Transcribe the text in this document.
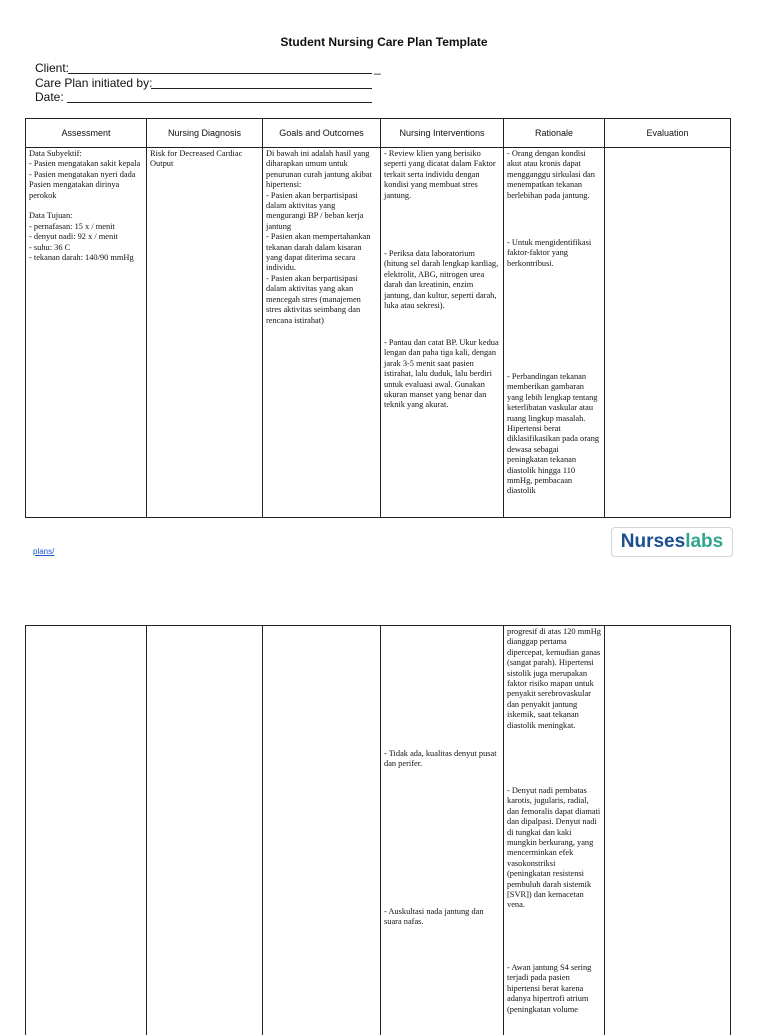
Student Nursing Care Plan Template
Client:	_
Care Plan initiated by:
Date:
Assessment
Data Subyektif:
- Pasien mengatakan sakit kepala
- Pasien mengatakan nyeri dada
Pasien mengatakan dirinya perokok

Data Tujuan:
- pernafasan: 15 x / menit
- denyut nadi: 92 x / menit
- suhu: 36 C
- tekanan darah: 140/90 mmHg
Nursing Diagnosis
Risk for Decreased Cardiac Output
Goals and Outcomes
Di bawah ini adalah hasil yang diharapkan umum untuk penurunan curah jantung akibat hipertensi:
- Pasien akan berpartisipasi dalam aktivitas yang mengurangi BP / beban kerja jantung
- Pasien akan mempertahankan tekanan darah dalam kisaran yang dapat diterima secara individu.
- Pasien akan berpartisipasi dalam aktivitas yang akan mencegah stres (manajemen stres aktivitas seimbang dan rencana istirahat)
Nursing Interventions
- Review klien yang berisiko seperti yang dicatat dalam Faktor terkait serta individu dengan kondisi yang membuat stres jantung.
- Periksa data laboratorium (hitung sel darah lengkap kardiag, elektrolit, ABG, nitrogen urea darah dan kreatinin, enzim jantung, dan kultur, seperti darah, luka atau sekresi).
- Pantau dan catat BP. Ukur kedua lengan dan paha tiga kali, dengan jarak 3-5 menit saat pasien istirahat, lalu duduk, lalu berdiri untuk evaluasi awal. Gunakan ukuran manset yang benar dan teknik yang akurat.
Rationale
- Orang dengan kondisi akut atau kronis dapat mengganggu sirkulasi dan menempatkan tekanan berlebihan pada jantung.
- Untuk mengidentifikasi faktor-faktor yang berkontribusi.
- Perbandingan tekanan memberikan gambaran yang lebih lengkap tentang keterlibatan vaskular atau ruang lingkup masalah. Hipertensi berat diklasifikasikan pada orang dewasa sebagai peningkatan tekanan diastolik hingga 110 mmHg, pembacaan diastolik
Evaluation
plans/	Nurses labs
- Tidak ada, kualitas denyut pusat dan perifer.
- Auskultasi nada jantung dan suara nafas.
progresif di atas 120 mmHg dianggap pertama dipercepat, kemudian ganas (sangat parah). Hipertensi sistolik juga merupakan faktor risiko mapan untuk penyakit serebrovaskular dan penyakit jantung iskemik, saat tekanan diastolik meningkat.
- Denyut nadi pembatas karotis, jugularis, radial, dan femoralis dapat diamati dan dipalpasi. Denyut nadi di tungkai dan kaki mungkin berkurang, yang mencerminkan efek vasokonstriksi (peningkatan resistensi pembuluh darah sistemik [SVR]) dan kemacetan vena.
- Awan jantung S4 sering terjadi pada pasien hipertensi berat karena adanya hipertrofi atrium (peningkatan volume
